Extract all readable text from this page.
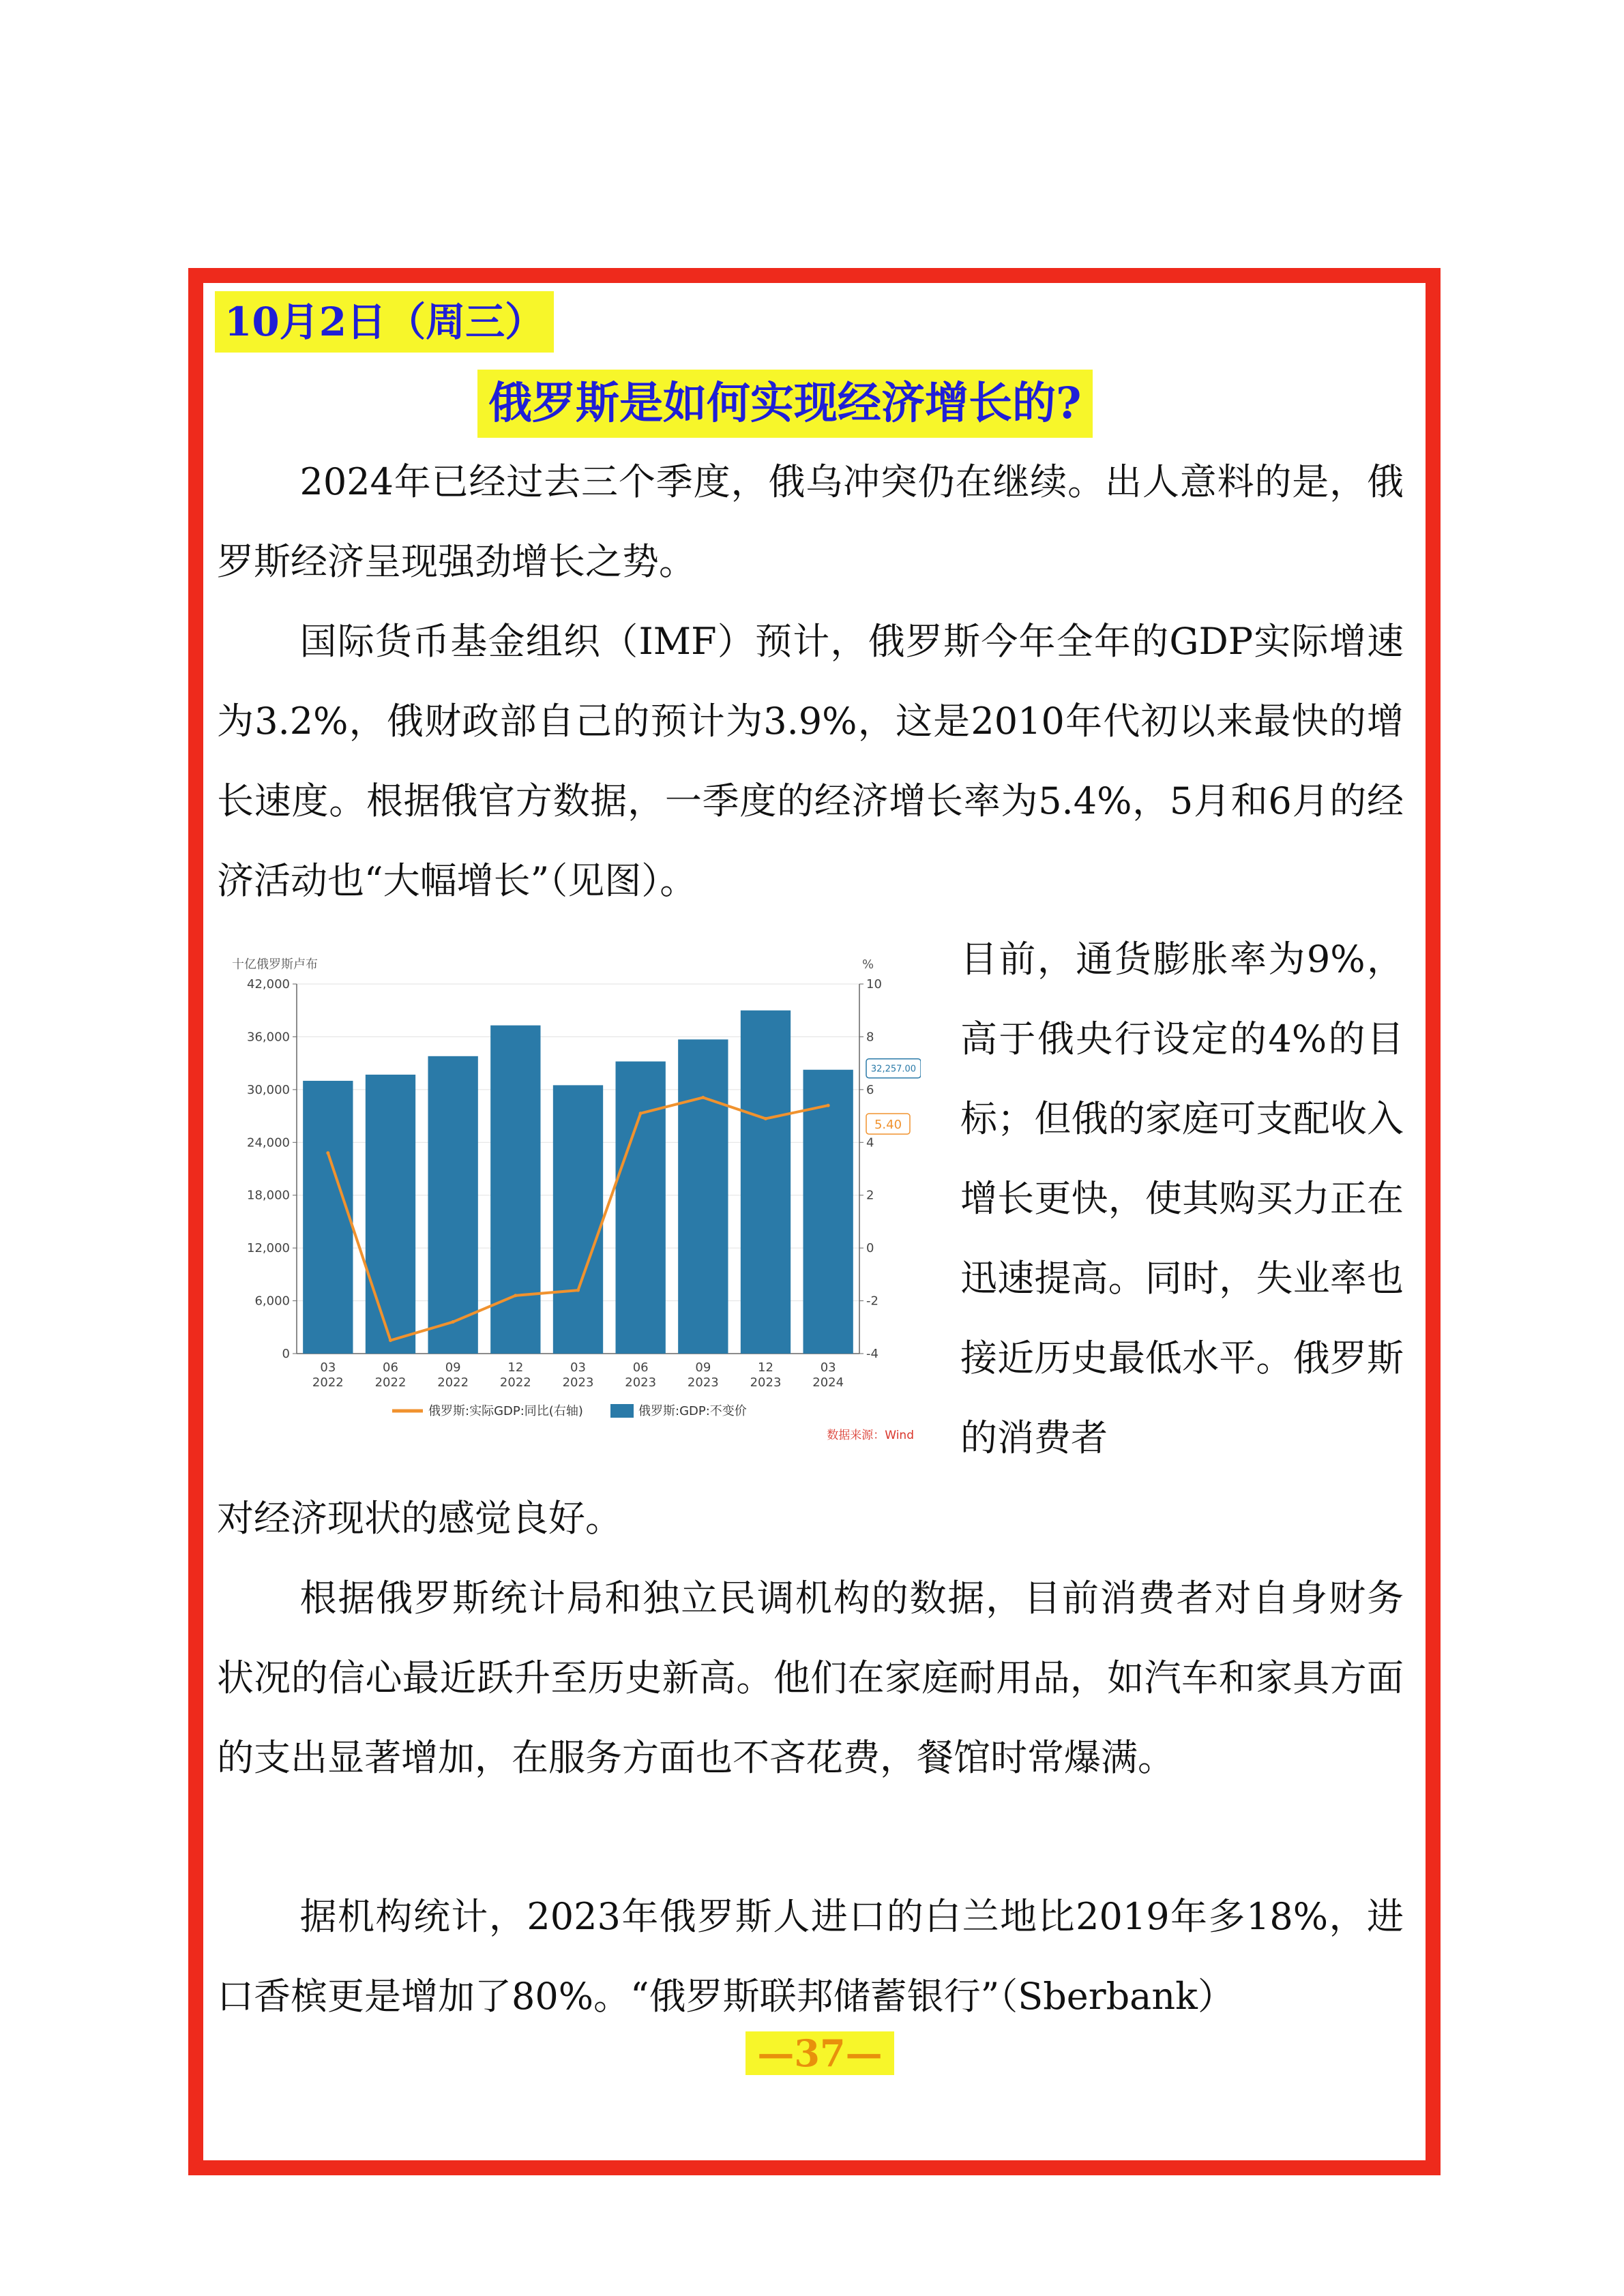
10月2日（周三）
俄罗斯是如何实现经济增长的?

2024年已经过去三个季度，俄乌冲突仍在继续。出人意料的是，俄罗斯经济呈现强劲增长之势。

国际货币基金组织（IMF）预计，俄罗斯今年全年的GDP实际增速为3.2%，俄财政部自己的预计为3.9%，这是2010年代初以来最快的增长速度。根据俄官方数据，一季度的经济增长率为5.4%，5月和6月的经济活动也“大幅增长”（见图）。

十亿俄罗斯卢布	%
0
6,000
12,000
18,000
24,000
30,000
36,000
42,000
-4
-2
0
2
4
6
8
10
03 2022
06 2022
09 2022
12 2022
03 2023
06 2023
09 2023
12 2023
03 2024
32,257.00
5.40
俄罗斯:实际GDP:同比(右轴)	俄罗斯:GDP:不变价
数据来源：Wind

目前，通货膨胀率为9%，高于俄央行设定的4%的目标；但俄的家庭可支配收入增长更快，使其购买力正在迅速提高。同时，失业率也接近历史最低水平。俄罗斯的消费者

对经济现状的感觉良好。

根据俄罗斯统计局和独立民调机构的数据，目前消费者对自身财务状况的信心最近跃升至历史新高。他们在家庭耐用品，如汽车和家具方面的支出显著增加，在服务方面也不吝花费，餐馆时常爆满。

据机构统计，2023年俄罗斯人进口的白兰地比2019年多18%，进口香槟更是增加了80%。“俄罗斯联邦储蓄银行”（Sberbank）

—37—
